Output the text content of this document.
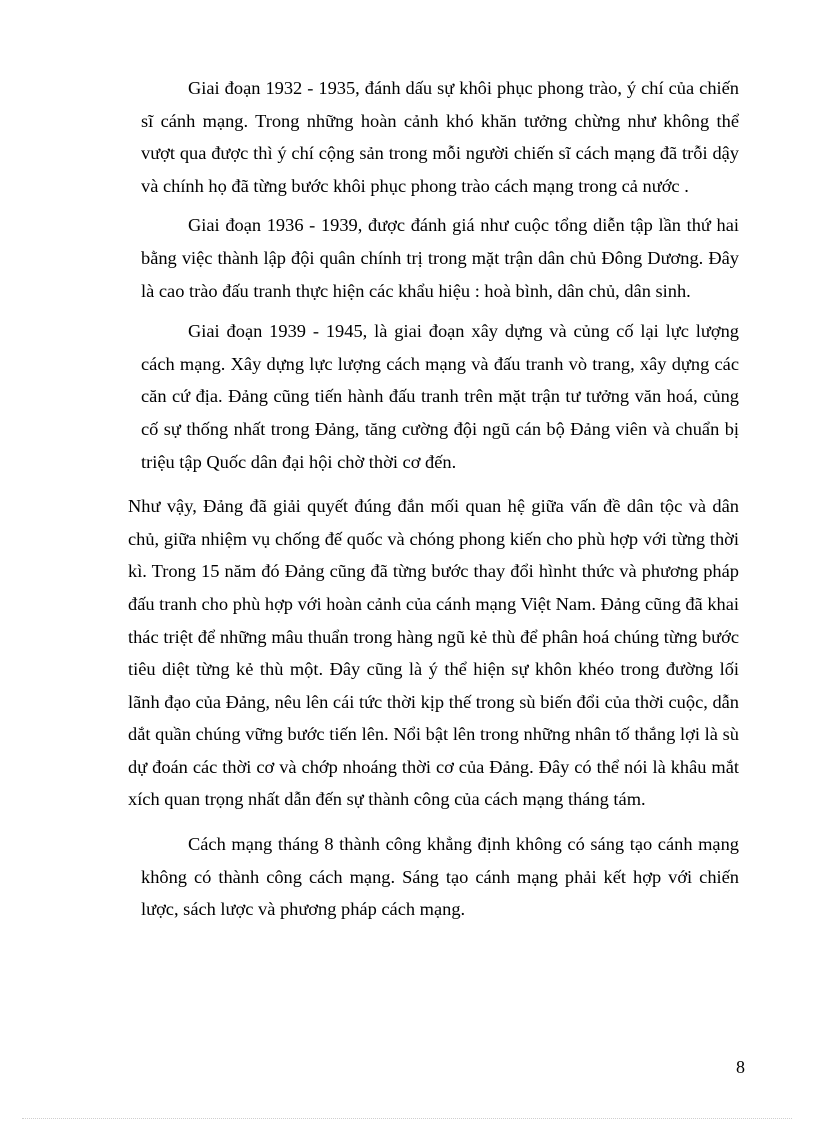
Giai đoạn 1932 - 1935, đánh dấu sự khôi phục phong trào, ý chí của chiến sĩ cánh mạng. Trong những hoàn cảnh khó khăn tưởng chừng như không thể vượt qua được thì ý chí cộng sản trong mỗi người chiến sĩ cách mạng đã trỗi dậy và chính họ đã từng bước khôi phục phong trào cách mạng trong cả nước .

Giai đoạn 1936 - 1939, được đánh giá như cuộc tổng diễn tập lần thứ hai bằng việc thành lập đội quân chính trị trong mặt trận dân chủ Đông Dương. Đây là cao trào đấu tranh thực hiện các khẩu hiệu : hoà bình, dân chủ, dân sinh.

Giai đoạn 1939 - 1945, là giai đoạn xây dựng và củng cố lại lực lượng cách mạng. Xây dựng lực lượng cách mạng và đấu tranh vò trang, xây dựng các căn cứ địa. Đảng cũng tiến hành đấu tranh trên mặt trận tư tưởng văn hoá, củng cố sự thống nhất trong Đảng, tăng cường đội ngũ cán bộ Đảng viên và chuẩn bị triệu tập Quốc dân đại hội chờ thời cơ đến.

Như vậy, Đảng đã giải quyết đúng đắn mối quan hệ giữa vấn đề dân tộc và dân chủ, giữa nhiệm vụ chống đế quốc và chóng phong kiến cho phù hợp với từng thời kì. Trong 15 năm đó Đảng cũng đã từng bước thay đổi hìnht thức và phương pháp đấu tranh cho phù hợp với hoàn cảnh của cánh mạng Việt Nam. Đảng cũng đã khai thác triệt để những mâu thuẩn trong hàng ngũ kẻ thù để phân hoá chúng từng bước tiêu diệt từng kẻ thù một. Đây cũng là ý thể hiện sự khôn khéo trong đường lối lãnh đạo của Đảng, nêu lên cái tức thời kịp thế trong sù biến đổi của thời cuộc, dẫn dắt quần chúng vững bước tiến lên. Nổi bật lên trong những nhân tố thắng lợi là sù dự đoán các thời cơ và chớp nhoáng thời cơ của Đảng. Đây có thể nói là khâu mắt xích quan trọng nhất dẫn đến sự thành công của cách mạng tháng tám.

Cách mạng tháng 8 thành công khẳng định không có sáng tạo cánh mạng không có thành công cách mạng. Sáng tạo cánh mạng phải kết hợp với chiến lược, sách lược và phương pháp cách mạng.

8
